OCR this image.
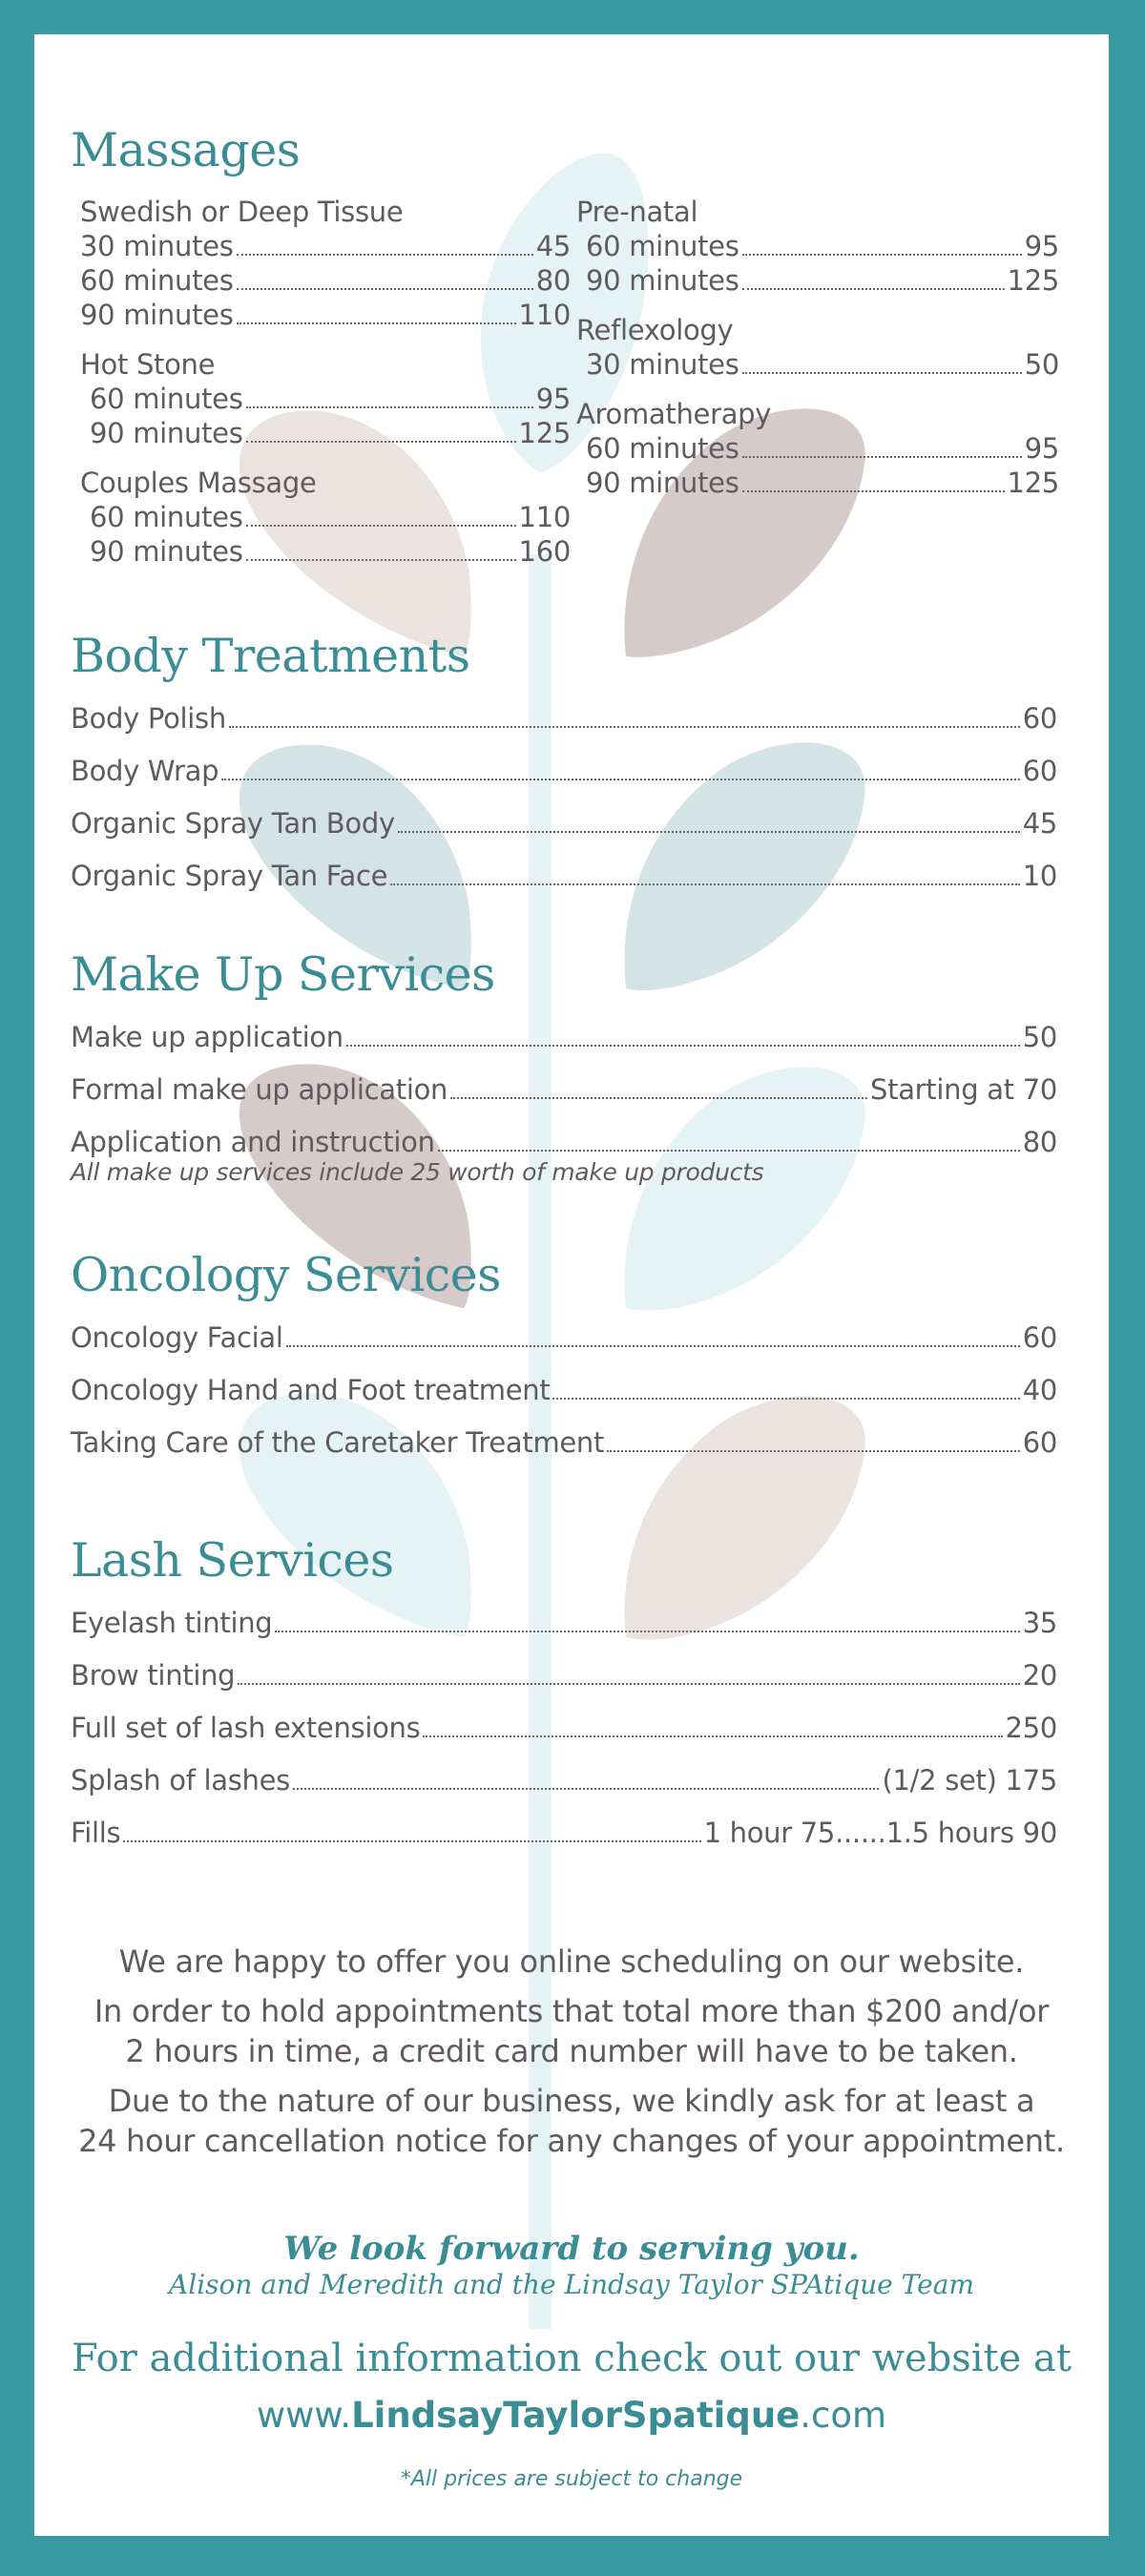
Massages
Swedish or Deep Tissue
30 minutes	45
60 minutes	80
90 minutes	110
Hot Stone
60 minutes	95
90 minutes	125
Couples Massage
60 minutes	110
90 minutes	160
Pre-natal
60 minutes	95
90 minutes	125
Reflexology
30 minutes	50
Aromatherapy
60 minutes	95
90 minutes	125
Body Treatments
Body Polish	60
Body Wrap	60
Organic Spray Tan Body	45
Organic Spray Tan Face	10
Make Up Services
Make up application	50
Formal make up application	Starting at 70
Application and instruction	80
All make up services include 25 worth of make up products
Oncology Services
Oncology Facial	60
Oncology Hand and Foot treatment	40
Taking Care of the Caretaker Treatment	60
Lash Services
Eyelash tinting	35
Brow tinting	20
Full set of lash extensions	250
Splash of lashes	(1/2 set) 175
Fills	1 hour 75 ...... 1.5 hours 90

We are happy to offer you online scheduling on our website.

In order to hold appointments that total more than $200 and/or
2 hours in time, a credit card number will have to be taken.

Due to the nature of our business, we kindly ask for at least a
24 hour cancellation notice for any changes of your appointment.

We look forward to serving you.
Alison and Meredith and the Lindsay Taylor SPAtique Team
For additional information check out our website at
www.LindsayTaylorSpatique.com
*All prices are subject to change
